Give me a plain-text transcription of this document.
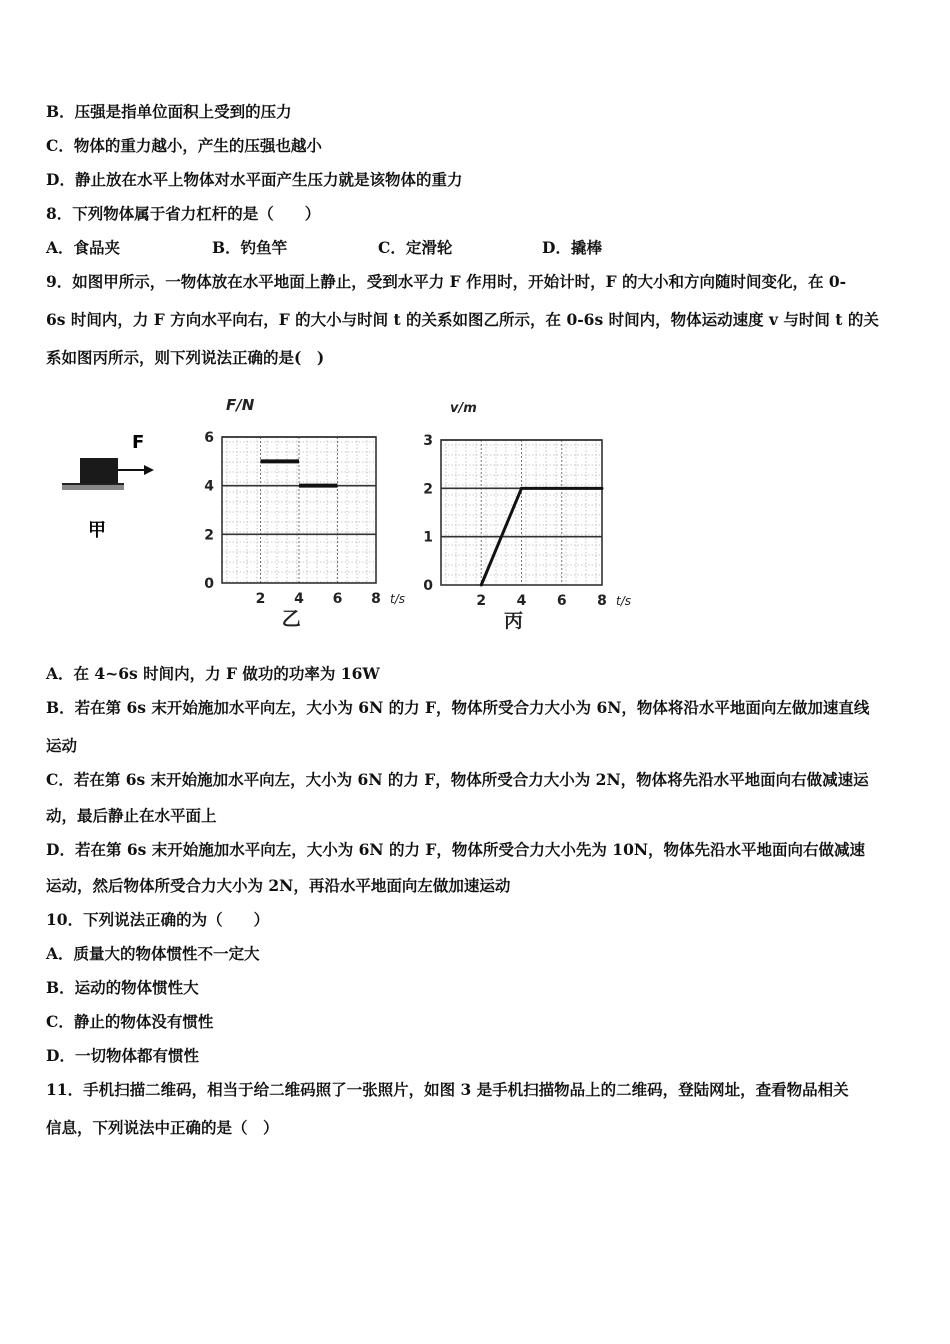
B．压强是指单位面积上受到的压力
C．物体的重力越小，产生的压强也越小
D．静止放在水平上物体对水平面产生压力就是该物体的重力
8．下列物体属于省力杠杆的是（　　）
A．食品夹	B．钓鱼竿	C．定滑轮	D．撬棒
9．如图甲所示，一物体放在水平地面上静止，受到水平力 F 作用时，开始计时，F 的大小和方向随时间变化，在 0-
6s 时间内，力 F 方向水平向右，F 的大小与时间 t 的关系如图乙所示，在 0-6s 时间内，物体运动速度 v 与时间 t 的关
系如图丙所示，则下列说法正确的是(　)
F
甲
0
2
4
6
2 4 6 8 t/s
乙
F/N
0
1
2
3
2 4 6 8 t/s
丙
v/m
A．在 4~6s 时间内，力 F 做功的功率为 16W
B．若在第 6s 末开始施加水平向左，大小为 6N 的力 F，物体所受合力大小为 6N，物体将沿水平地面向左做加速直线
运动
C．若在第 6s 末开始施加水平向左，大小为 6N 的力 F，物体所受合力大小为 2N，物体将先沿水平地面向右做减速运
动，最后静止在水平面上
D．若在第 6s 末开始施加水平向左，大小为 6N 的力 F，物体所受合力大小先为 10N，物体先沿水平地面向右做减速
运动，然后物体所受合力大小为 2N，再沿水平地面向左做加速运动
10．下列说法正确的为（　　）
A．质量大的物体惯性不一定大
B．运动的物体惯性大
C．静止的物体没有惯性
D．一切物体都有惯性
11．手机扫描二维码，相当于给二维码照了一张照片，如图 3 是手机扫描物品上的二维码，登陆网址，查看物品相关
信息，下列说法中正确的是（　）
